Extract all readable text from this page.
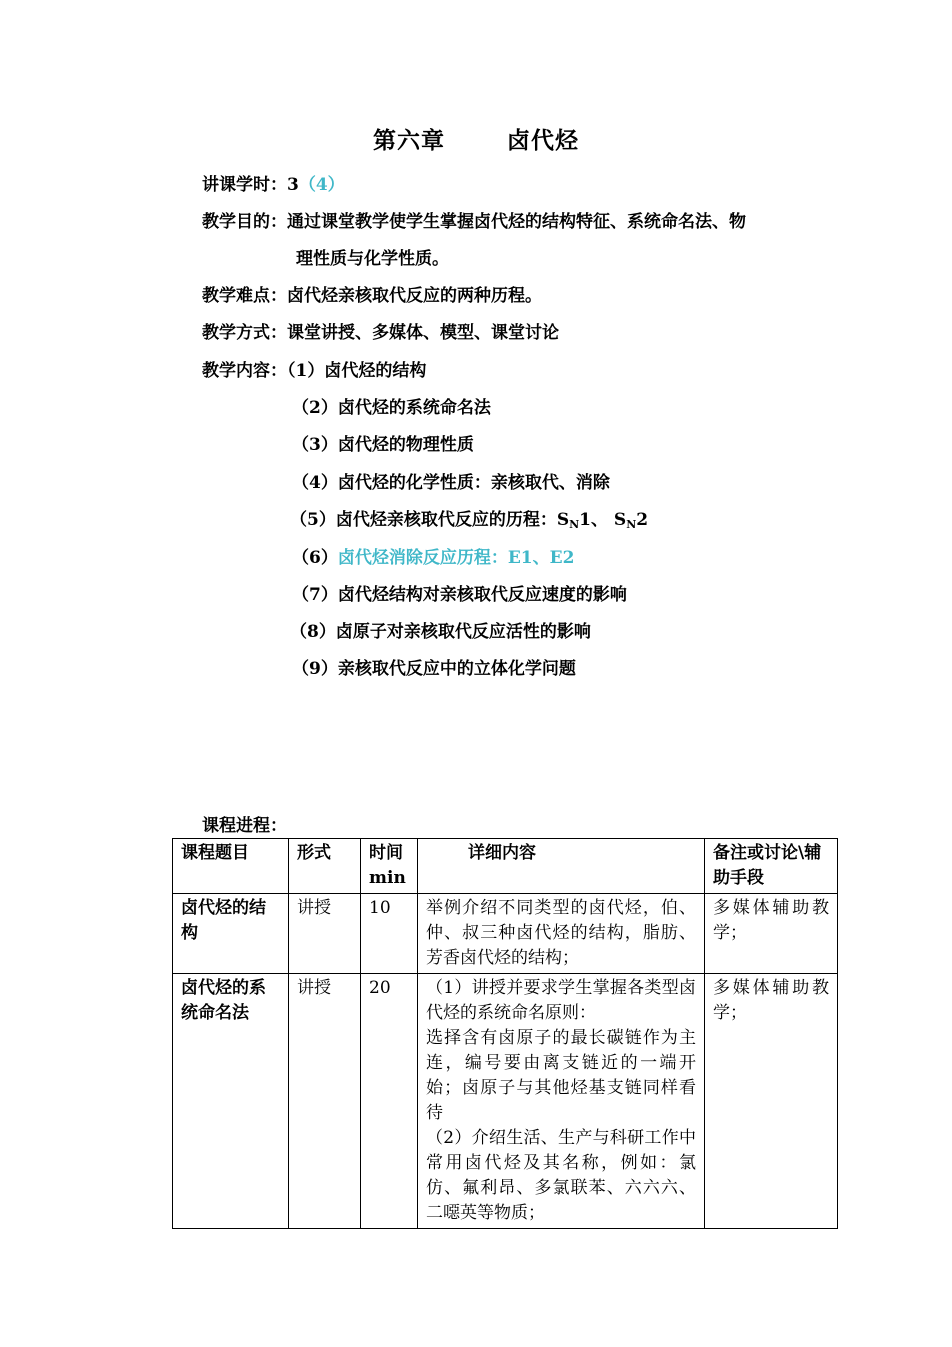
第六章	卤代烃
讲课学时：3（4）
教学目的：通过课堂教学使学生掌握卤代烃的结构特征、系统命名法、物
理性质与化学性质。
教学难点：卤代烃亲核取代反应的两种历程。
教学方式：课堂讲授、多媒体、模型、课堂讨论
教学内容：（1）卤代烃的结构
（2）卤代烃的系统命名法
（3）卤代烃的物理性质
（4）卤代烃的化学性质：亲核取代、消除
（5）卤代烃亲核取代反应的历程：$S_N1$、 $S_N2$
（6）卤代烃消除反应历程：E1、E2
（7）卤代烃结构对亲核取代反应速度的影响
（8）卤原子对亲核取代反应活性的影响
（9）亲核取代反应中的立体化学问题
课程进程：
课程题目	形式	时间min	详细内容	备注或讨论\辅助手段
卤代烃的结构	讲授	10	举例介绍不同类型的卤代烃，伯、仲、叔三种卤代烃的结构，脂肪、芳香卤代烃的结构；	多媒体辅助教学；
卤代烃的系统命名法	讲授	20	（1）讲授并要求学生掌握各类型卤代烃的系统命名原则：
选择含有卤原子的最长碳链作为主连，编号要由离支链近的一端开始；卤原子与其他烃基支链同样看待
（2）介绍生活、生产与科研工作中常用卤代烃及其名称，例如：氯仿、氟利昂、多氯联苯、六六六、二噁英等物质；	多媒体辅助教学；
